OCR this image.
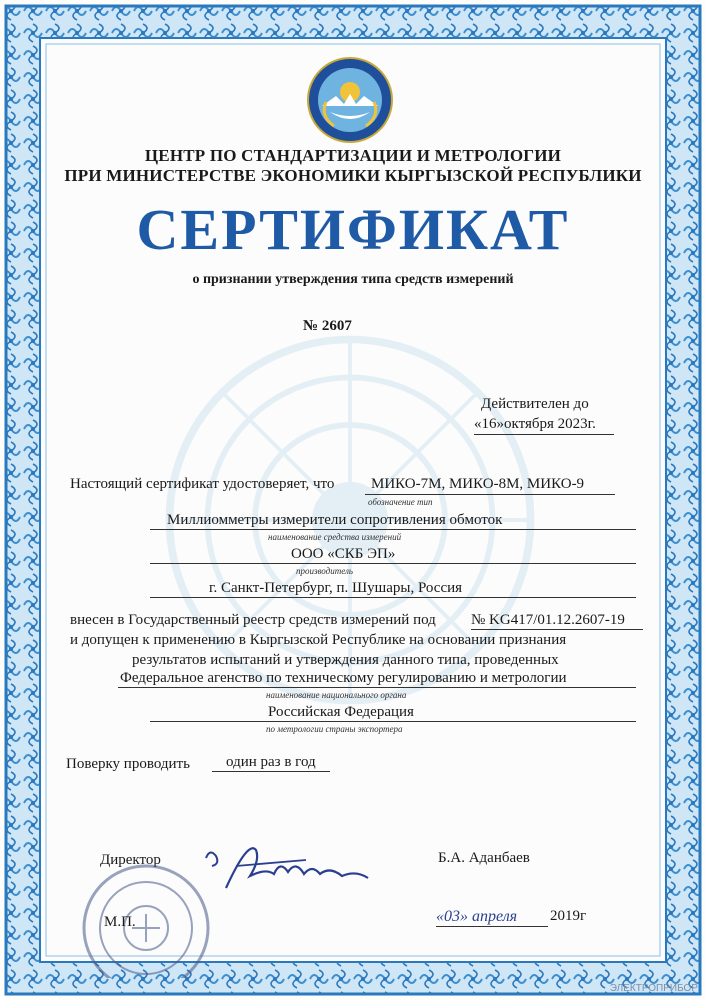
ЦЕНТР ПО СТАНДАРТИЗАЦИИ И МЕТРОЛОГИИ
ПРИ МИНИСТЕРСТВЕ ЭКОНОМИКИ КЫРГЫЗСКОЙ РЕСПУБЛИКИ
СЕРТИФИКАТ
о признании утверждения типа средств измерений
№ 2607
Действителен до
«16»октября 2023г.
Настоящий сертификат удостоверяет, что МИКО-7М, МИКО-8М, МИКО-9
обозначение тип
Миллиомметры измерители сопротивления обмоток
наименование средства измерений
ООО «СКБ ЭП»
производитель
г. Санкт-Петербург, п. Шушары, Россия
внесен в Государственный реестр средств измерений под № KG417/01.12.2607-19
и допущен к применению в Кыргызской Республике на основании признания
результатов испытаний и утверждения данного типа, проведенных
Федеральное агенство по техническому регулированию и метрологии
наименование национального органа
Российская Федерация
по метрологии страны экспортера
Поверку проводить один раз в год
Директор	Б.А. Аданбаев
М.П.	«03» апреля 2019г
ЭЛЕКТРОПРИБОР
